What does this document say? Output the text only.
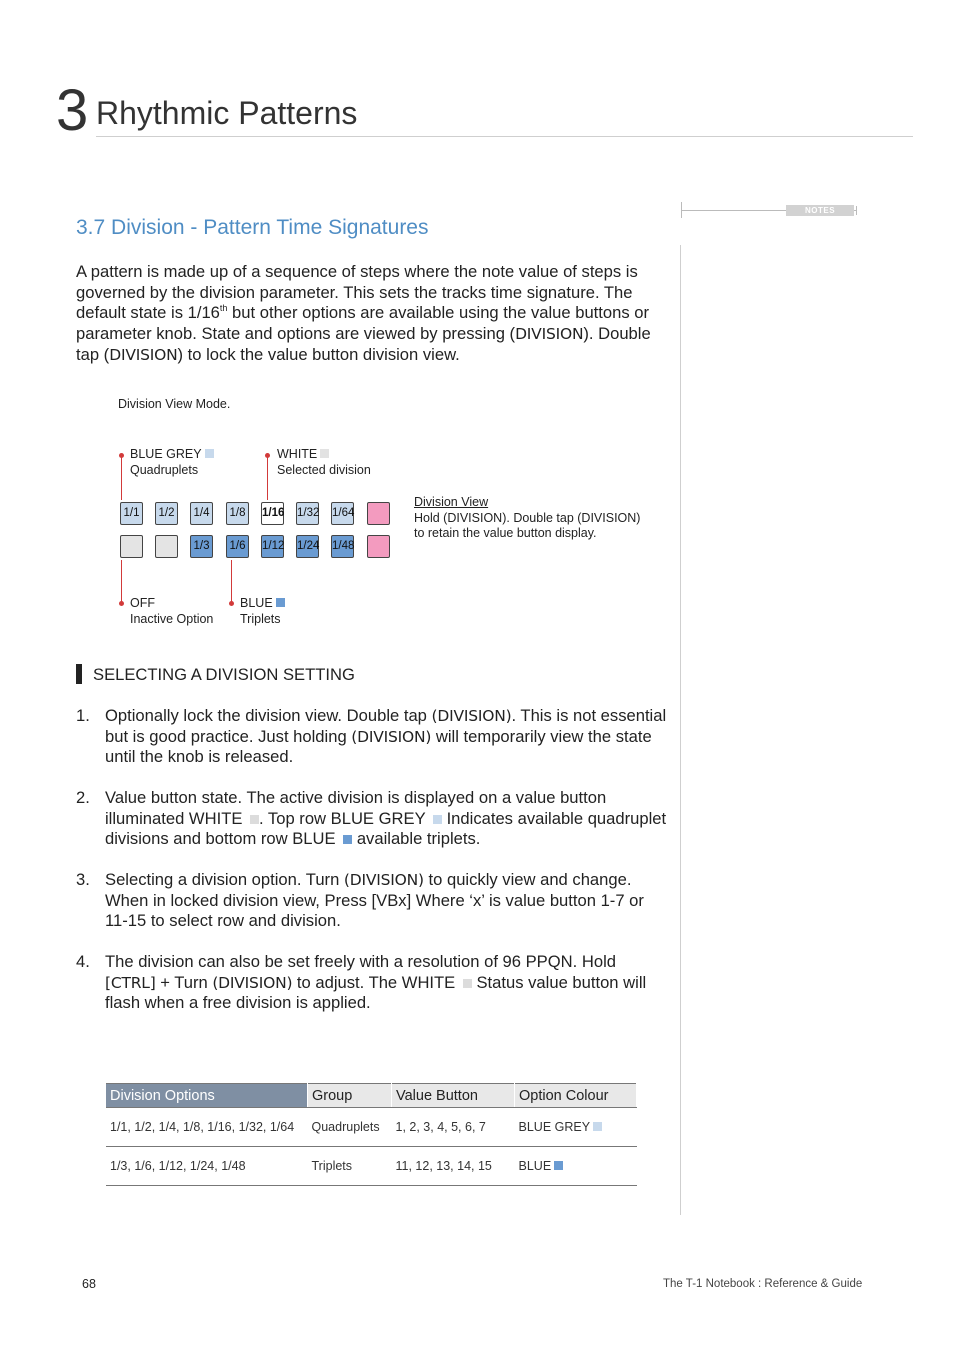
3 Rhythmic Patterns
NOTES
3.7 Division - Pattern Time Signatures
A pattern is made up of a sequence of steps where the note value of steps is governed by the division parameter. This sets the tracks time signature. The default state is 1/16th but other options are available using the value buttons or parameter knob. State and options are viewed by pressing (DIVISION). Double tap (DIVISION) to lock the value button division view.
Division View Mode.
BLUE GREY
Quadruplets
WHITE
Selected division
1/1	1/2	1/4	1/8	1/16 1/32 1/64
1/3	1/6	1/12 1/24 1/48
Division View
Hold (DIVISION). Double tap (DIVISION)
to retain the value button display.
OFF
Inactive Option
BLUE
Triplets
SELECTING A DIVISION SETTING
1. Optionally lock the division view. Double tap (DIVISION). This is not essential but is good practice. Just holding (DIVISION) will temporarily view the state until the knob is released.
2. Value button state. The active division is displayed on a value button illuminated WHITE . Top row BLUE GREY  Indicates available quadruplet divisions and bottom row BLUE  available triplets.
3. Selecting a division option. Turn (DIVISION) to quickly view and change. When in locked division view, Press [VBx] Where ‘x’ is value button 1-7 or 11-15 to select row and division.
4. The division can also be set freely with a resolution of 96 PPQN. Hold [CTRL] + Turn (DIVISION) to adjust. The WHITE  Status value button will flash when a free division is applied.
Division Options	Group	Value Button	Option Colour
1/1, 1/2, 1/4, 1/8, 1/16, 1/32, 1/64	Quadruplets	1, 2, 3, 4, 5, 6, 7	BLUE GREY
1/3, 1/6, 1/12, 1/24, 1/48	Triplets	11, 12, 13, 14, 15	BLUE
68	The T-1 Notebook : Reference & Guide
